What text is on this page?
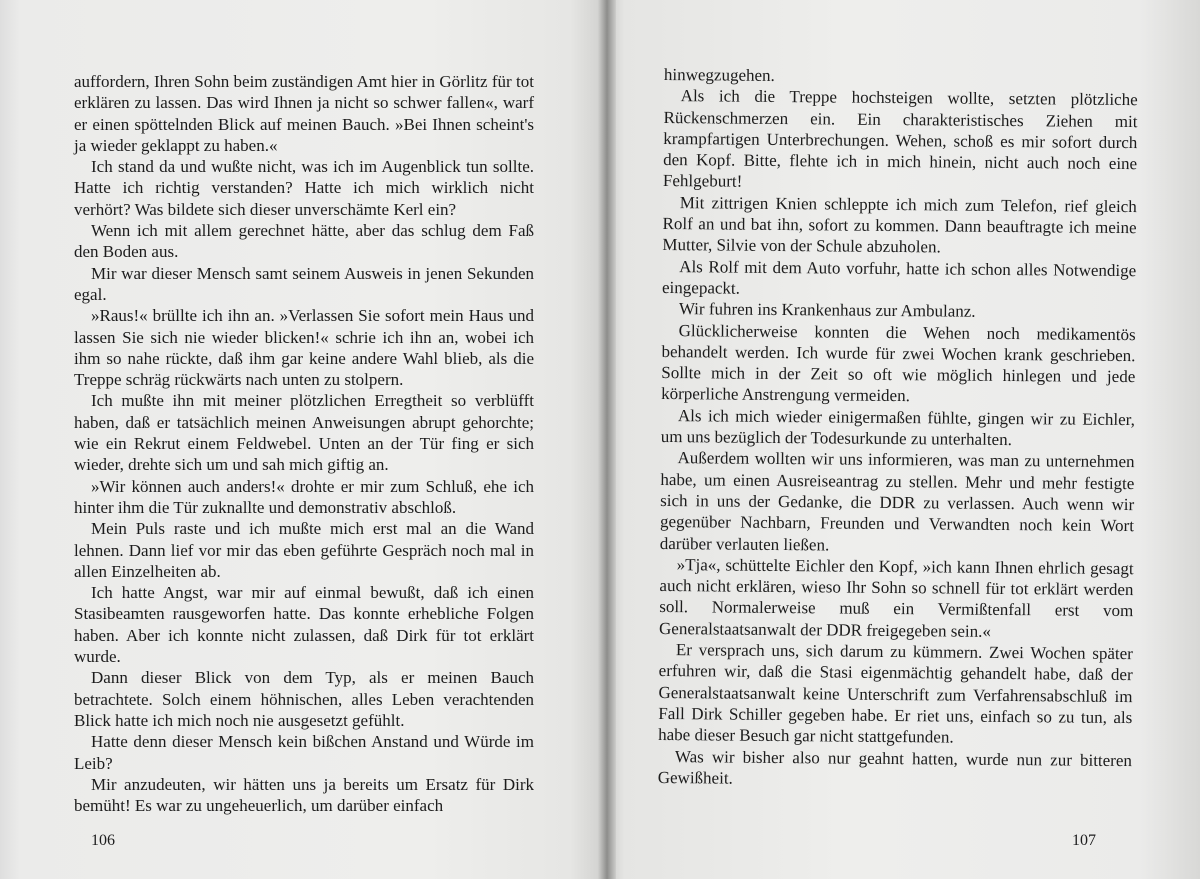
auffordern, Ihren Sohn beim zuständigen Amt hier in Görlitz für tot erklären zu lassen. Das wird Ihnen ja nicht so schwer fallen«, warf er einen spöttelnden Blick auf meinen Bauch. »Bei Ihnen scheint's ja wieder geklappt zu haben.«

Ich stand da und wußte nicht, was ich im Augenblick tun sollte. Hatte ich richtig verstanden? Hatte ich mich wirklich nicht verhört? Was bildete sich dieser unverschämte Kerl ein?

Wenn ich mit allem gerechnet hätte, aber das schlug dem Faß den Boden aus.

Mir war dieser Mensch samt seinem Ausweis in jenen Sekunden egal.

»Raus!« brüllte ich ihn an. »Verlassen Sie sofort mein Haus und lassen Sie sich nie wieder blicken!« schrie ich ihn an, wobei ich ihm so nahe rückte, daß ihm gar keine andere Wahl blieb, als die Treppe schräg rückwärts nach unten zu stolpern.

Ich mußte ihn mit meiner plötzlichen Erregtheit so verblüfft haben, daß er tatsächlich meinen Anweisungen abrupt gehorchte; wie ein Rekrut einem Feldwebel. Unten an der Tür fing er sich wieder, drehte sich um und sah mich giftig an.

»Wir können auch anders!« drohte er mir zum Schluß, ehe ich hinter ihm die Tür zuknallte und demonstrativ abschloß.

Mein Puls raste und ich mußte mich erst mal an die Wand lehnen. Dann lief vor mir das eben geführte Gespräch noch mal in allen Einzelheiten ab.

Ich hatte Angst, war mir auf einmal bewußt, daß ich einen Stasibeamten rausgeworfen hatte. Das konnte erhebliche Folgen haben. Aber ich konnte nicht zulassen, daß Dirk für tot erklärt wurde.

Dann dieser Blick von dem Typ, als er meinen Bauch betrachtete. Solch einem höhnischen, alles Leben verachtenden Blick hatte ich mich noch nie ausgesetzt gefühlt.

Hatte denn dieser Mensch kein bißchen Anstand und Würde im Leib?

Mir anzudeuten, wir hätten uns ja bereits um Ersatz für Dirk bemüht! Es war zu ungeheuerlich, um darüber einfach

106

hinwegzugehen.

Als ich die Treppe hochsteigen wollte, setzten plötzliche Rückenschmerzen ein. Ein charakteristisches Ziehen mit krampfartigen Unterbrechungen. Wehen, schoß es mir sofort durch den Kopf. Bitte, flehte ich in mich hinein, nicht auch noch eine Fehlgeburt!

Mit zittrigen Knien schleppte ich mich zum Telefon, rief gleich Rolf an und bat ihn, sofort zu kommen. Dann beauftragte ich meine Mutter, Silvie von der Schule abzuholen.

Als Rolf mit dem Auto vorfuhr, hatte ich schon alles Notwendige eingepackt.

Wir fuhren ins Krankenhaus zur Ambulanz.

Glücklicherweise konnten die Wehen noch medikamentös behandelt werden. Ich wurde für zwei Wochen krank geschrieben. Sollte mich in der Zeit so oft wie möglich hinlegen und jede körperliche Anstrengung vermeiden.

Als ich mich wieder einigermaßen fühlte, gingen wir zu Eichler, um uns bezüglich der Todesurkunde zu unterhalten.

Außerdem wollten wir uns informieren, was man zu unternehmen habe, um einen Ausreiseantrag zu stellen. Mehr und mehr festigte sich in uns der Gedanke, die DDR zu verlassen. Auch wenn wir gegenüber Nachbarn, Freunden und Verwandten noch kein Wort darüber verlauten ließen.

»Tja«, schüttelte Eichler den Kopf, »ich kann Ihnen ehrlich gesagt auch nicht erklären, wieso Ihr Sohn so schnell für tot erklärt werden soll. Normalerweise muß ein Vermißtenfall erst vom Generalstaatsanwalt der DDR freigegeben sein.«

Er versprach uns, sich darum zu kümmern. Zwei Wochen später erfuhren wir, daß die Stasi eigenmächtig gehandelt habe, daß der Generalstaatsanwalt keine Unterschrift zum Verfahrensabschluß im Fall Dirk Schiller gegeben habe. Er riet uns, einfach so zu tun, als habe dieser Besuch gar nicht stattgefunden.

Was wir bisher also nur geahnt hatten, wurde nun zur bitteren Gewißheit.

107
